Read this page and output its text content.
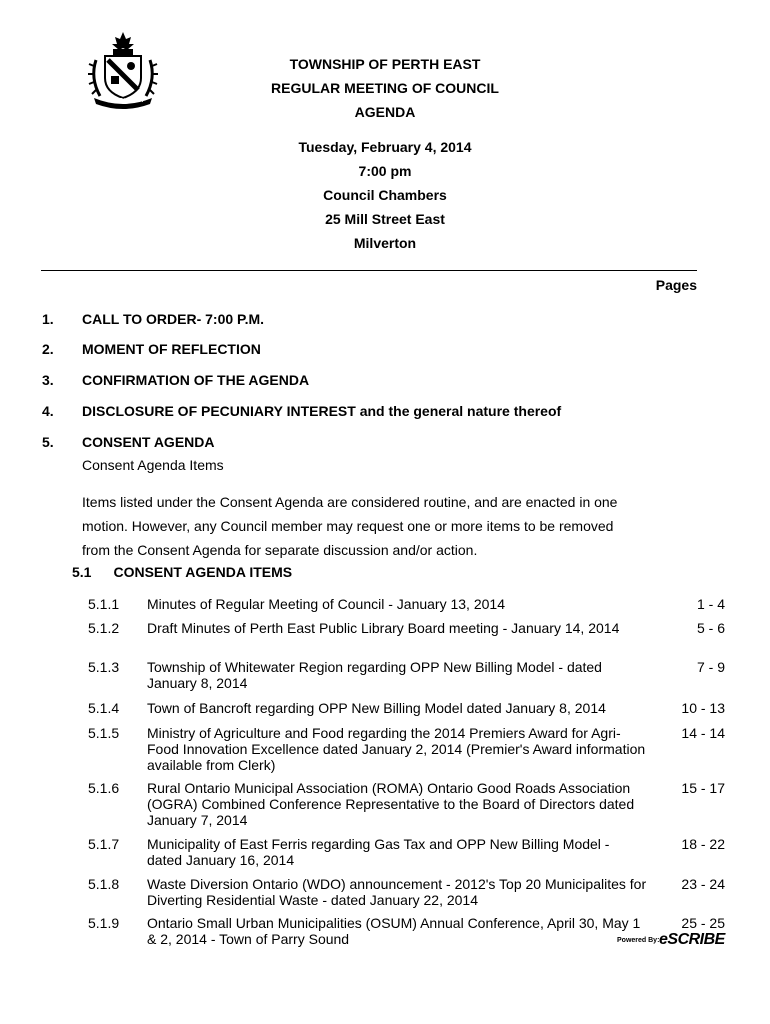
PERTH EAST
TOWNSHIP OF PERTH EAST
REGULAR MEETING OF COUNCIL
AGENDA
Tuesday, February 4, 2014
7:00 pm
Council Chambers
25 Mill Street East
Milverton
Pages
1. CALL TO ORDER- 7:00 P.M.
2. MOMENT OF REFLECTION
3. CONFIRMATION OF THE AGENDA
4. DISCLOSURE OF PECUNIARY INTEREST and the general nature thereof
5. CONSENT AGENDA
Consent Agenda Items
Items listed under the Consent Agenda are considered routine, and are enacted in one motion. However, any Council member may request one or more items to be removed from the Consent Agenda for separate discussion and/or action.
5.1 CONSENT AGENDA ITEMS
5.1.1 Minutes of Regular Meeting of Council - January 13, 2014	1 - 4
5.1.2 Draft Minutes of Perth East Public Library Board meeting - January 14, 2014	5 - 6
5.1.3 Township of Whitewater Region regarding OPP New Billing Model - dated January 8, 2014
7 - 9
5.1.4 Town of Bancroft regarding OPP New Billing Model dated January 8, 2014	10 - 13
5.1.5 Ministry of Agriculture and Food regarding the 2014 Premiers Award for Agri-Food Innovation Excellence dated January 2, 2014 (Premier's Award information available from Clerk)
14 - 14
5.1.6 Rural Ontario Municipal Association (ROMA) Ontario Good Roads Association (OGRA) Combined Conference Representative to the Board of Directors dated January 7, 2014
15 - 17
5.1.7 Municipality of East Ferris regarding Gas Tax and OPP New Billing Model - dated January 16, 2014
18 - 22
5.1.8 Waste Diversion Ontario (WDO) announcement - 2012's Top 20 Municipalites for Diverting Residential Waste - dated January 22, 2014
23 - 24
5.1.9 Ontario Small Urban Municipalities (OSUM) Annual Conference, April 30, May 1 & 2, 2014 - Town of Parry Sound
25 - 25
Powered By: eSCRIBE
